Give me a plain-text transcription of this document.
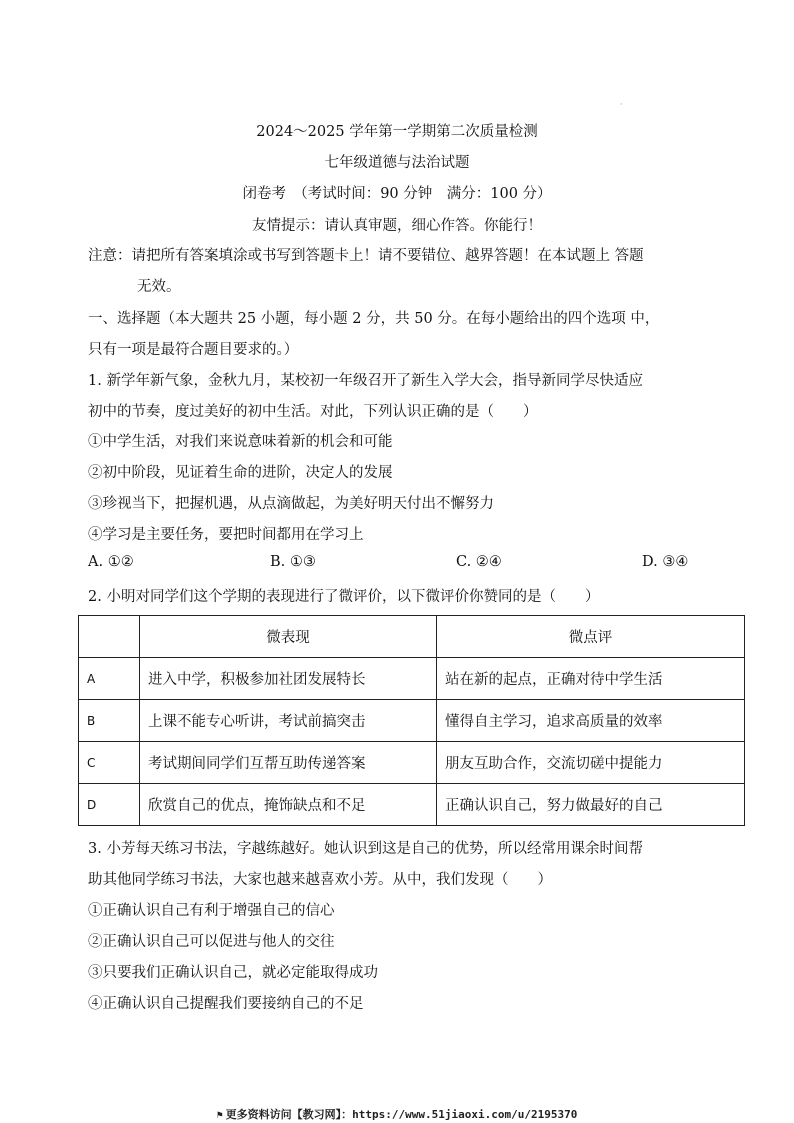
·
2024～2025 学年第一学期第二次质量检测
七年级道德与法治试题
闭卷考　（考试时间：90 分钟　满分：100 分）
友情提示：请认真审题，细心作答。你能行！
注意：请把所有答案填涂或书写到答题卡上！请不要错位、越界答题！在本试题上 答题
无效。
一、选择题（本大题共 25 小题，每小题 2 分，共 50 分。在每小题给出的四个选项 中，
只有一项是最符合题目要求的。）
1. 新学年新气象，金秋九月，某校初一年级召开了新生入学大会，指导新同学尽快适应
初中的节奏，度过美好的初中生活。对此，下列认识正确的是（　　）
①中学生活，对我们来说意味着新的机会和可能
②初中阶段，见证着生命的进阶，决定人的发展
③珍视当下，把握机遇，从点滴做起，为美好明天付出不懈努力
④学习是主要任务，要把时间都用在学习上
A. ①②	B. ①③	C. ②④	D. ③④
2. 小明对同学们这个学期的表现进行了微评价，以下微评价你赞同的是（　　）
	微表现	微点评
A	进入中学，积极参加社团发展特长	站在新的起点，正确对待中学生活
B	上课不能专心听讲，考试前搞突击	懂得自主学习，追求高质量的效率
C	考试期间同学们互帮互助传递答案	朋友互助合作，交流切磋中提能力
D	欣赏自己的优点，掩饰缺点和不足	正确认识自己，努力做最好的自己
3. 小芳每天练习书法，字越练越好。她认识到这是自己的优势，所以经常用课余时间帮
助其他同学练习书法，大家也越来越喜欢小芳。从中，我们发现（　　）
①正确认识自己有利于增强自己的信心
②正确认识自己可以促进与他人的交往
③只要我们正确认识自己，就必定能取得成功
④正确认识自己提醒我们要接纳自己的不足
⚑ 更多资料访问【教习网】：https://www.51jiaoxi.com/u/2195370
